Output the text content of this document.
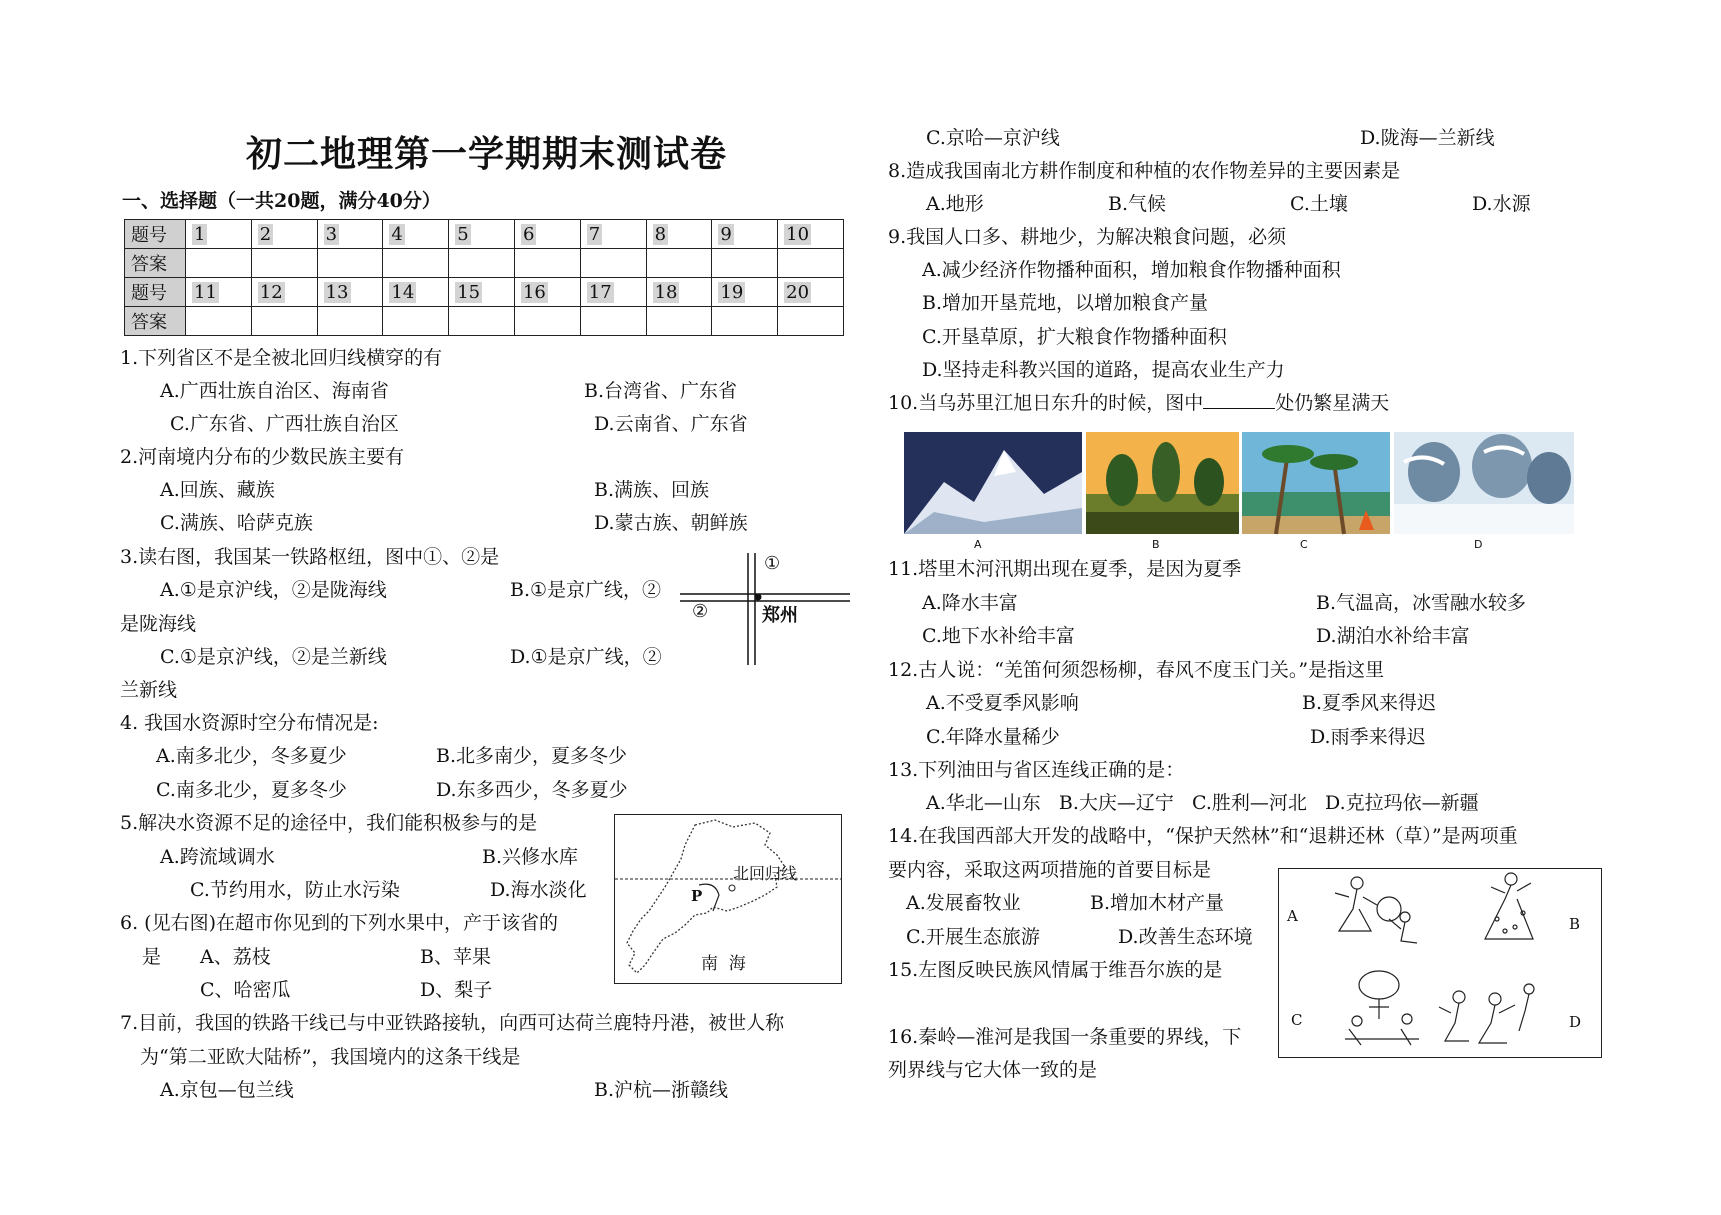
初二地理第一学期期末测试卷
一、选择题（一共20题，满分40分）
题号	1	2	3	4	5	6	7	8	9	10
答案										
题号	11	12	13	14	15	16	17	18	19	20
答案										
1.下列省区不是全被北回归线横穿的有
A.广西壮族自治区、海南省	B.台湾省、广东省
C.广东省、广西壮族自治区	D.云南省、广东省
2.河南境内分布的少数民族主要有
A.回族、藏族	B.满族、回族
C.满族、哈萨克族	D.蒙古族、朝鲜族
3.读右图，我国某一铁路枢纽，图中①、②是
A.①是京沪线，②是陇海线	B.①是京广线，②
是陇海线
C.①是京沪线，②是兰新线	D.①是京广线，②
兰新线
①
②	郑州
4. 我国水资源时空分布情况是:
A.南多北少，冬多夏少	B.北多南少，夏多冬少
C.南多北少，夏多冬少	D.东多西少，冬多夏少
5.解决水资源不足的途径中，我们能积极参与的是
A.跨流域调水	B.兴修水库
C.节约用水，防止水污染	D.海水淡化
北回归线
P
南  海
6. (见右图)在超市你见到的下列水果中，产于该省的
是 A、荔枝	B、苹果
C、哈密瓜	D、梨子
7.目前，我国的铁路干线已与中亚铁路接轨，向西可达荷兰鹿特丹港，被世人称
为“第二亚欧大陆桥”，我国境内的这条干线是
A.京包—包兰线	B.沪杭—浙赣线
C.京哈—京沪线	D.陇海—兰新线
8.造成我国南北方耕作制度和种植的农作物差异的主要因素是
A.地形	B.气候	C.土壤	D.水源
9.我国人口多、耕地少，为解决粮食问题，必须
A.减少经济作物播种面积，增加粮食作物播种面积
B.增加开垦荒地，以增加粮食产量
C.开垦草原，扩大粮食作物播种面积
D.坚持走科教兴国的道路，提高农业生产力
10.当乌苏里江旭日东升的时候，图中	处仍繁星满天
A	B	C	D
11.塔里木河汛期出现在夏季，是因为夏季
A.降水丰富	B.气温高，冰雪融水较多
C.地下水补给丰富	D.湖泊水补给丰富
12.古人说：“羌笛何须怨杨柳，春风不度玉门关。”是指这里
A.不受夏季风影响	B.夏季风来得迟
C.年降水量稀少	D.雨季来得迟
13.下列油田与省区连线正确的是：
A.华北—山东   B.大庆—辽宁   C.胜利—河北   D.克拉玛依—新疆
14.在我国西部大开发的战略中，“保护天然林”和“退耕还林（草）”是两项重
要内容，采取这两项措施的首要目标是
A.发展畜牧业	B.增加木材产量
C.开展生态旅游	D.改善生态环境
15.左图反映民族风情属于维吾尔族的是
A	B
C	D
16.秦岭—淮河是我国一条重要的界线，下
列界线与它大体一致的是
